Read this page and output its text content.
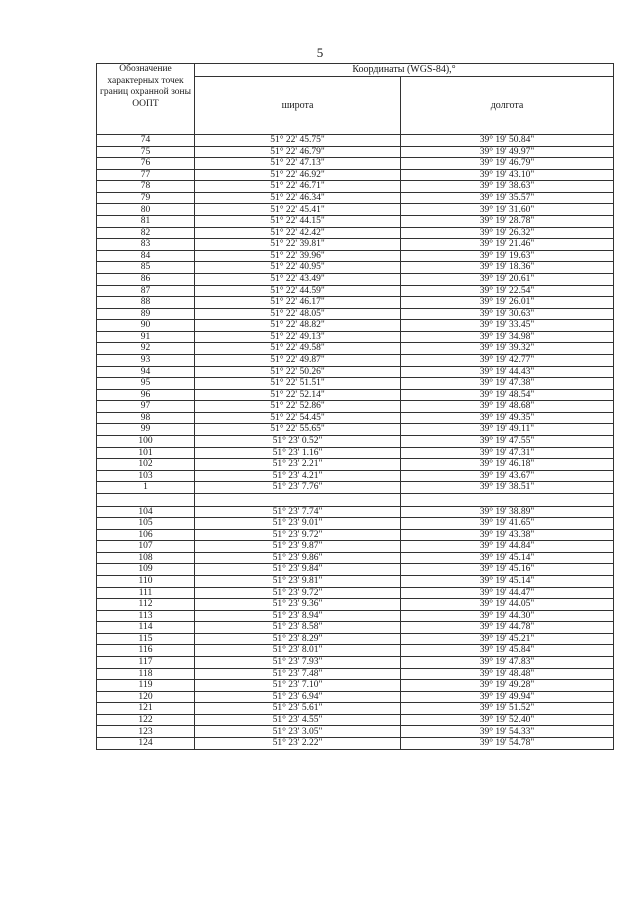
5
Обозначение характерных точек границ охранной зоны ООПТ	Координаты (WGS-84),°	
	широта	долгота
74	51° 22' 45.75"	39° 19' 50.84"
75	51° 22' 46.79"	39° 19' 49.97"
76	51° 22' 47.13"	39° 19' 46.79"
77	51° 22' 46.92"	39° 19' 43.10"
78	51° 22' 46.71"	39° 19' 38.63"
79	51° 22' 46.34"	39° 19' 35.57"
80	51° 22' 45.41"	39° 19' 31.60"
81	51° 22' 44.15"	39° 19' 28.78"
82	51° 22' 42.42"	39° 19' 26.32"
83	51° 22' 39.81"	39° 19' 21.46"
84	51° 22' 39.96"	39° 19' 19.63"
85	51° 22' 40.95"	39° 19' 18.36"
86	51° 22' 43.49"	39° 19' 20.61"
87	51° 22' 44.59"	39° 19' 22.54"
88	51° 22' 46.17"	39° 19' 26.01"
89	51° 22' 48.05"	39° 19' 30.63"
90	51° 22' 48.82"	39° 19' 33.45"
91	51° 22' 49.13"	39° 19' 34.98"
92	51° 22' 49.58"	39° 19' 39.32"
93	51° 22' 49.87"	39° 19' 42.77"
94	51° 22' 50.26"	39° 19' 44.43"
95	51° 22' 51.51"	39° 19' 47.38"
96	51° 22' 52.14"	39° 19' 48.54"
97	51° 22' 52.86"	39° 19' 48.68"
98	51° 22' 54.45"	39° 19' 49.35"
99	51° 22' 55.65"	39° 19' 49.11"
100	51° 23' 0.52"	39° 19' 47.55"
101	51° 23' 1.16"	39° 19' 47.31"
102	51° 23' 2.21"	39° 19' 46.18"
103	51° 23' 4.21"	39° 19' 43.67"
1	51° 23' 7.76"	39° 19' 38.51"

104	51° 23' 7.74"	39° 19' 38.89"
105	51° 23' 9.01"	39° 19' 41.65"
106	51° 23' 9.72"	39° 19' 43.38"
107	51° 23' 9.87"	39° 19' 44.84"
108	51° 23' 9.86"	39° 19' 45.14"
109	51° 23' 9.84"	39° 19' 45.16"
110	51° 23' 9.81"	39° 19' 45.14"
111	51° 23' 9.72"	39° 19' 44.47"
112	51° 23' 9.36"	39° 19' 44.05"
113	51° 23' 8.94"	39° 19' 44.30"
114	51° 23' 8.58"	39° 19' 44.78"
115	51° 23' 8.29"	39° 19' 45.21"
116	51° 23' 8.01"	39° 19' 45.84"
117	51° 23' 7.93"	39° 19' 47.83"
118	51° 23' 7.48"	39° 19' 48.48"
119	51° 23' 7.10"	39° 19' 49.28"
120	51° 23' 6.94"	39° 19' 49.94"
121	51° 23' 5.61"	39° 19' 51.52"
122	51° 23' 4.55"	39° 19' 52.40"
123	51° 23' 3.05"	39° 19' 54.33"
124	51° 23' 2.22"	39° 19' 54.78"
